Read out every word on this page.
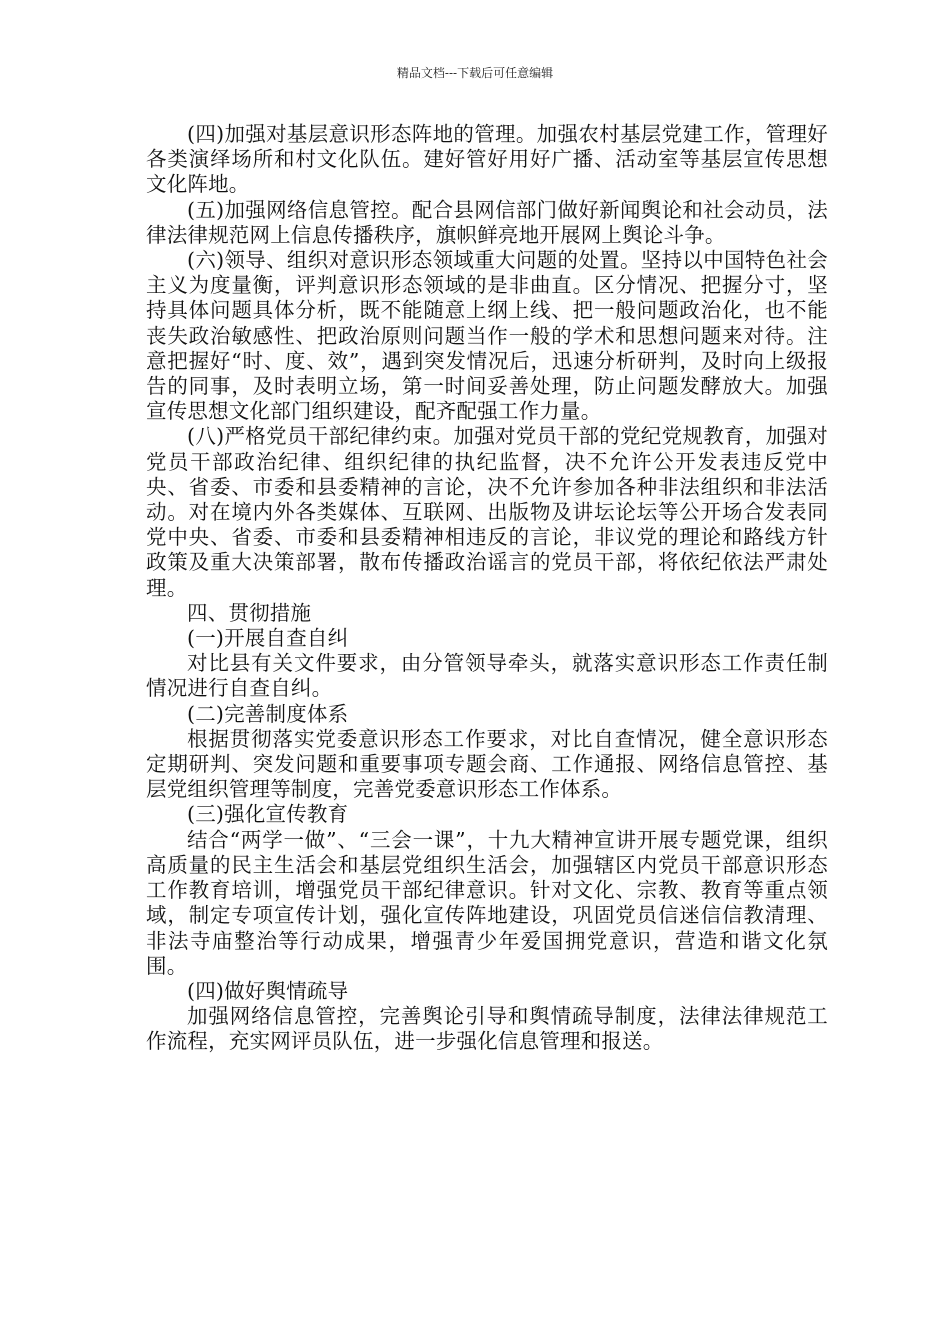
精品文档---下载后可任意编辑

(四)加强对基层意识形态阵地的管理。加强农村基层党建工作，管理好各类演绎场所和村文化队伍。建好管好用好广播、活动室等基层宣传思想文化阵地。

(五)加强网络信息管控。配合县网信部门做好新闻舆论和社会动员，法律法律规范网上信息传播秩序，旗帜鲜亮地开展网上舆论斗争。

(六)领导、组织对意识形态领域重大问题的处置。坚持以中国特色社会主义为度量衡，评判意识形态领域的是非曲直。区分情况、把握分寸，坚持具体问题具体分析，既不能随意上纲上线、把一般问题政治化，也不能丧失政治敏感性、把政治原则问题当作一般的学术和思想问题来对待。注意把握好“时、度、效”，遇到突发情况后，迅速分析研判，及时向上级报告的同事，及时表明立场，第一时间妥善处理，防止问题发酵放大。加强宣传思想文化部门组织建设，配齐配强工作力量。

(八)严格党员干部纪律约束。加强对党员干部的党纪党规教育，加强对党员干部政治纪律、组织纪律的执纪监督，决不允许公开发表违反党中央、省委、市委和县委精神的言论，决不允许参加各种非法组织和非法活动。对在境内外各类媒体、互联网、出版物及讲坛论坛等公开场合发表同党中央、省委、市委和县委精神相违反的言论，非议党的理论和路线方针政策及重大决策部署，散布传播政治谣言的党员干部，将依纪依法严肃处理。

四、贯彻措施

(一)开展自查自纠

对比县有关文件要求，由分管领导牵头，就落实意识形态工作责任制情况进行自查自纠。

(二)完善制度体系

根据贯彻落实党委意识形态工作要求，对比自查情况，健全意识形态定期研判、突发问题和重要事项专题会商、工作通报、网络信息管控、基层党组织管理等制度，完善党委意识形态工作体系。

(三)强化宣传教育

结合“两学一做”、“三会一课”，十九大精神宣讲开展专题党课，组织高质量的民主生活会和基层党组织生活会，加强辖区内党员干部意识形态工作教育培训，增强党员干部纪律意识。针对文化、宗教、教育等重点领域，制定专项宣传计划，强化宣传阵地建设，巩固党员信迷信信教清理、非法寺庙整治等行动成果，增强青少年爱国拥党意识，营造和谐文化氛围。

(四)做好舆情疏导

加强网络信息管控，完善舆论引导和舆情疏导制度，法律法律规范工作流程，充实网评员队伍，进一步强化信息管理和报送。
